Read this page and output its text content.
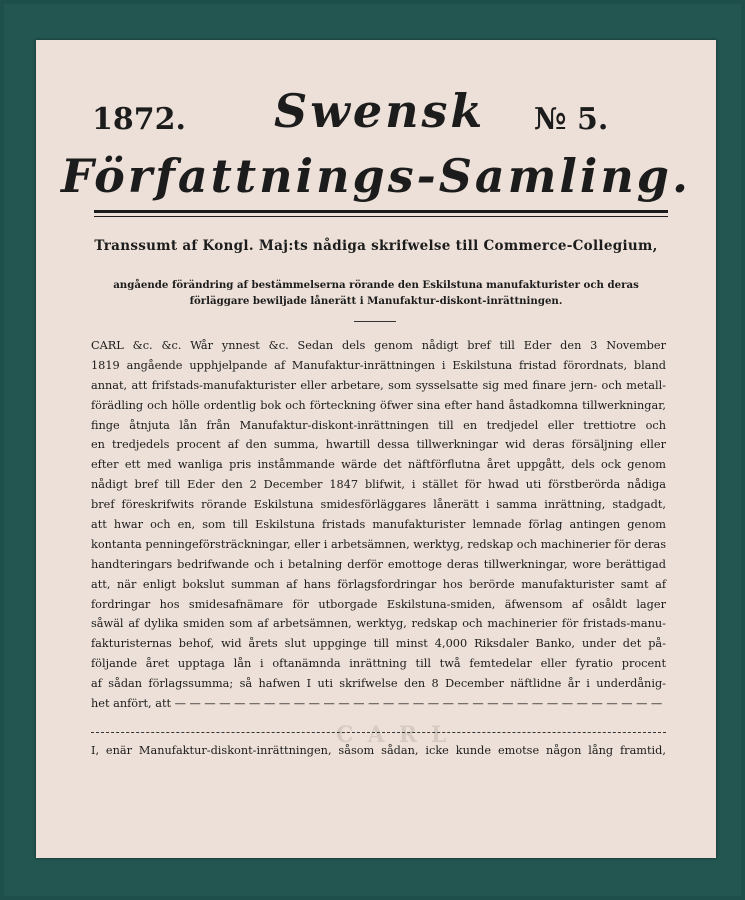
1872. Swensk № 5.
Författnings-Samling.
Transsumt af Kongl. Maj:ts nådiga skrifwelse till Commerce-Collegium,
angående förändring af bestämmelserna rörande den Eskilstuna manufakturister och deras
förläggare bewiljade lånerätt i Manufaktur-diskont-inrättningen.
CARL &c. &c. Wår ynnest &c. Sedan dels genom nådigt bref till Eder den 3 November
1819 angående upphjelpande af Manufaktur-inrättningen i Eskilstuna fristad förordnats, bland
annat, att frifstads-manufakturister eller arbetare, som sysselsatte sig med finare jern- och metall-
förädling och hölle ordentlig bok och förteckning öfwer sina efter hand åstadkomna tillwerkningar,
finge åtnjuta lån från Manufaktur-diskont-inrättningen till en tredjedel eller trettiotre och
en tredjedels procent af den summa, hwartill dessa tillwerkningar wid deras försäljning eller
efter ett med wanliga pris inståmmande wärde det näftförflutna året uppgått, dels ock genom
nådigt bref till Eder den 2 December 1847 blifwit, i stället för hwad uti förstberörda nådiga
bref föreskrifwits rörande Eskilstuna smidesförläggares lånerätt i samma inrättning, stadgadt,
att hwar och en, som till Eskilstuna fristads manufakturister lemnade förlag antingen genom
kontanta penningeförsträckningar, eller i arbetsämnen, werktyg, redskap och machinerier för deras
handteringars bedrifwande och i betalning derför emottoge deras tillwerkningar, wore berättigad
att, när enligt bokslut summan af hans förlagsfordringar hos berörde manufakturister samt af
fordringar hos smidesafnämare för utborgade Eskilstuna-smiden, äfwensom af osåldt lager
såwäl af dylika smiden som af arbetsämnen, werktyg, redskap och machinerier för fristads-manu-
fakturisternas behof, wid årets slut uppginge till minst 4,000 Riksdaler Banko, under det på-
följande året upptaga lån i oftanämnda inrättning till twå femtedelar eller fyratio procent
af sådan förlagssumma; så hafwen I uti skrifwelse den 8 December näftlidne år i underdånig-
het anfört, att — — — — — — — — — — — — — — — — — — — — — — — — — — — — — — — — —
CARL
I, enär Manufaktur-diskont-inrättningen, såsom sådan, icke kunde emotse någon lång framtid,
